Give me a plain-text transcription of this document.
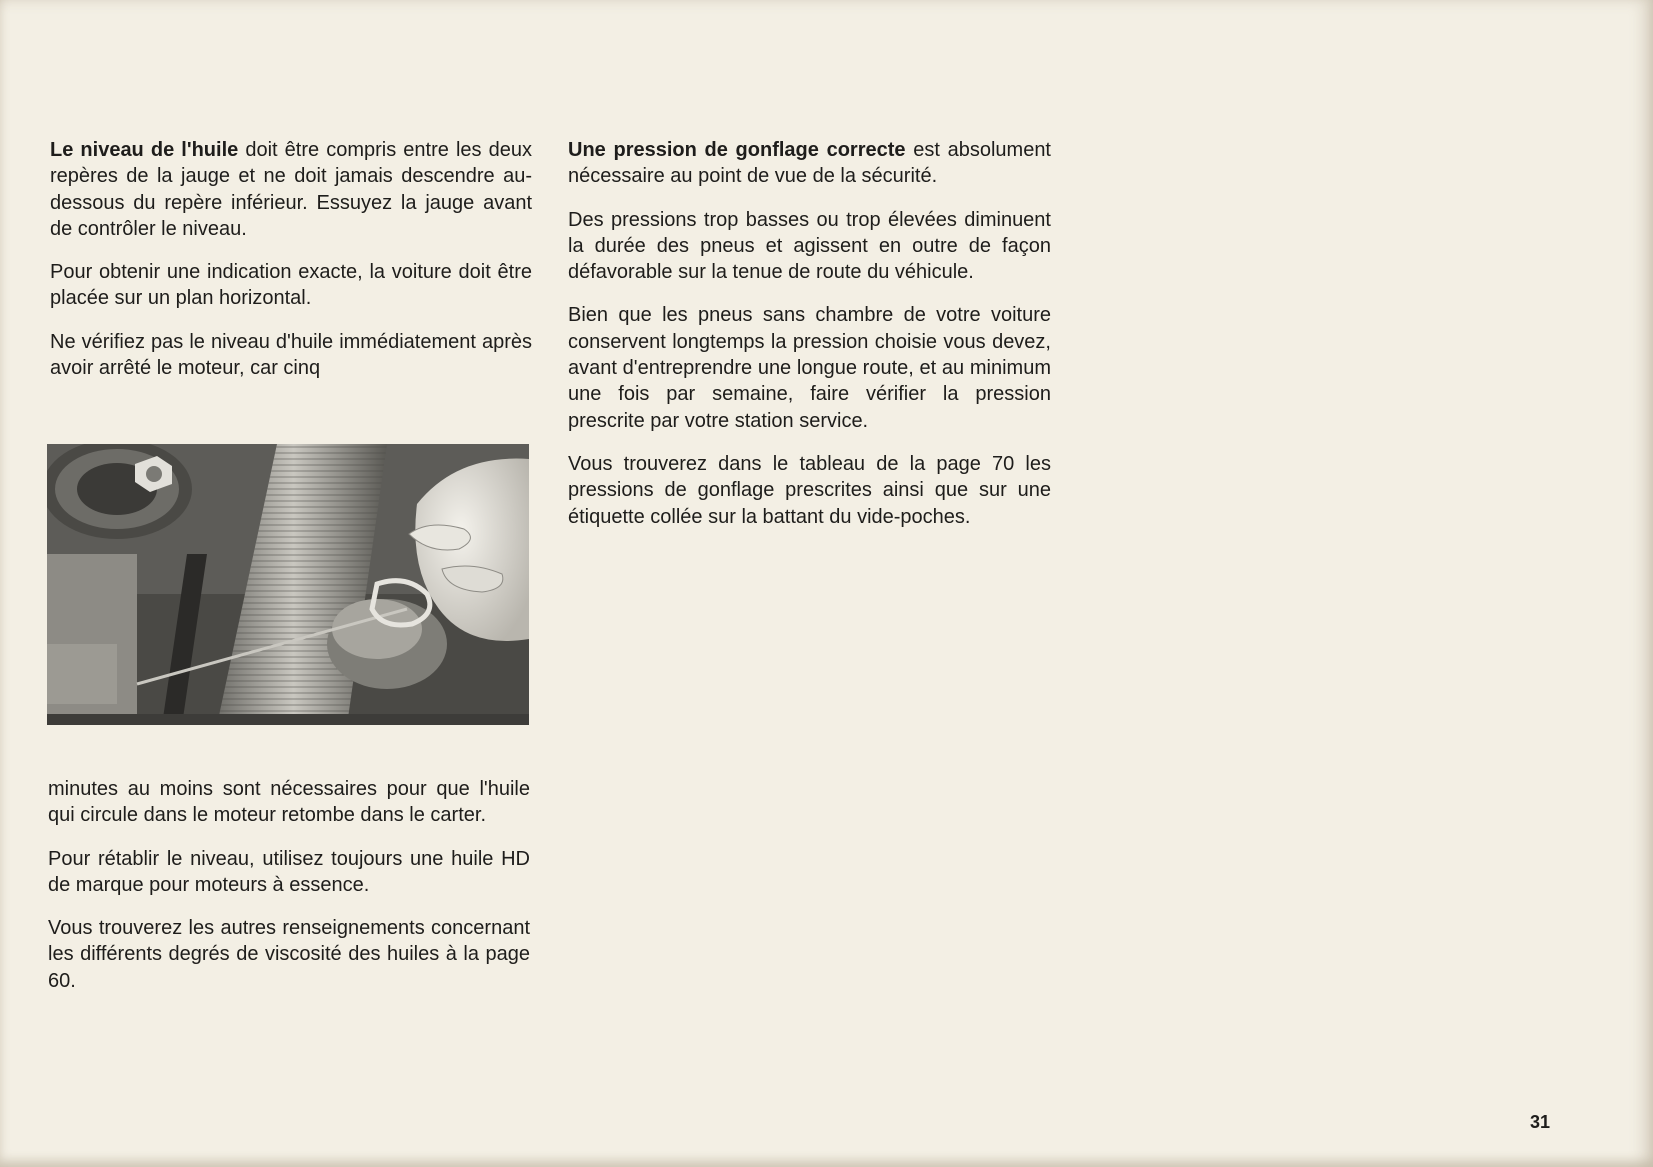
Le niveau de l'huile doit être compris entre les deux repères de la jauge et ne doit jamais descendre au-dessous du repère inférieur. Essuyez la jauge avant de contrôler le niveau.

Pour obtenir une indication exacte, la voiture doit être placée sur un plan horizontal.

Ne vérifiez pas le niveau d'huile immédiatement après avoir arrêté le moteur, car cinq

minutes au moins sont nécessaires pour que l'huile qui circule dans le moteur retombe dans le carter.

Pour rétablir le niveau, utilisez toujours une huile HD de marque pour moteurs à essence.

Vous trouverez les autres renseignements concernant les différents degrés de viscosité des huiles à la page 60.

Une pression de gonflage correcte est absolument nécessaire au point de vue de la sécurité.

Des pressions trop basses ou trop élevées diminuent la durée des pneus et agissent en outre de façon défavorable sur la tenue de route du véhicule.

Bien que les pneus sans chambre de votre voiture conservent longtemps la pression choisie vous devez, avant d'entreprendre une longue route, et au minimum une fois par semaine, faire vérifier la pression prescrite par votre station service.

Vous trouverez dans le tableau de la page 70 les pressions de gonflage prescrites ainsi que sur une étiquette collée sur la battant du vide-poches.

31
